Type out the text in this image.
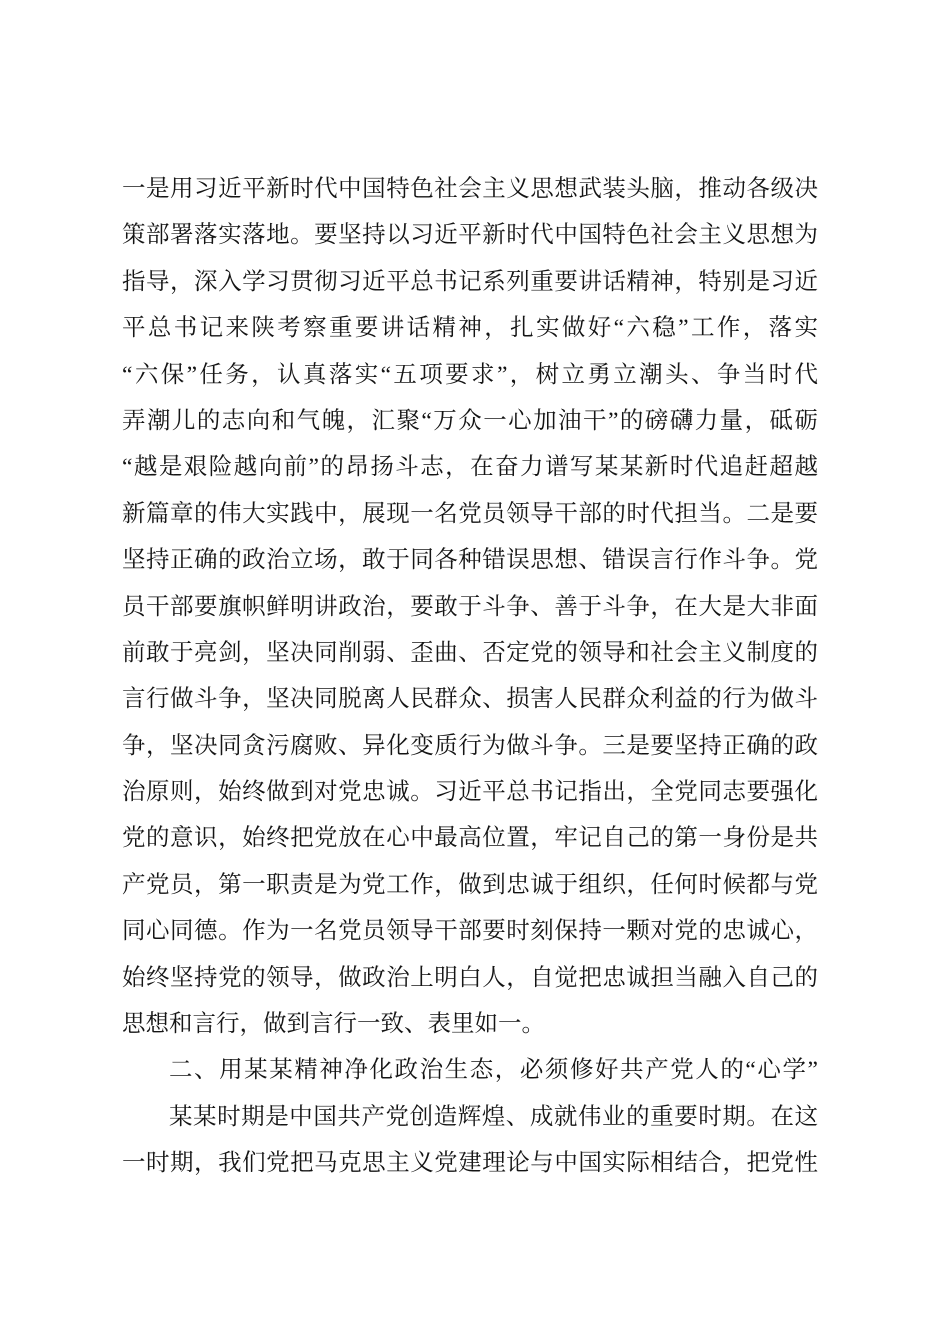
一是用习近平新时代中国特色社会主义思想武装头脑，推动各级决
策部署落实落地。要坚持以习近平新时代中国特色社会主义思想为
指导，深入学习贯彻习近平总书记系列重要讲话精神，特别是习近
平总书记来陕考察重要讲话精神，扎实做好“六稳”工作，落实
“六保”任务，认真落实“五项要求”，树立勇立潮头、争当时代
弄潮儿的志向和气魄，汇聚“万众一心加油干”的磅礴力量，砥砺
“越是艰险越向前”的昂扬斗志，在奋力谱写某某新时代追赶超越
新篇章的伟大实践中，展现一名党员领导干部的时代担当。二是要
坚持正确的政治立场，敢于同各种错误思想、错误言行作斗争。党
员干部要旗帜鲜明讲政治，要敢于斗争、善于斗争，在大是大非面
前敢于亮剑，坚决同削弱、歪曲、否定党的领导和社会主义制度的
言行做斗争，坚决同脱离人民群众、损害人民群众利益的行为做斗
争，坚决同贪污腐败、异化变质行为做斗争。三是要坚持正确的政
治原则，始终做到对党忠诚。习近平总书记指出，全党同志要强化
党的意识，始终把党放在心中最高位置，牢记自己的第一身份是共
产党员，第一职责是为党工作，做到忠诚于组织，任何时候都与党
同心同德。作为一名党员领导干部要时刻保持一颗对党的忠诚心，
始终坚持党的领导，做政治上明白人，自觉把忠诚担当融入自己的
思想和言行，做到言行一致、表里如一。
二、用某某精神净化政治生态，必须修好共产党人的“心学”
某某时期是中国共产党创造辉煌、成就伟业的重要时期。在这
一时期，我们党把马克思主义党建理论与中国实际相结合，把党性
